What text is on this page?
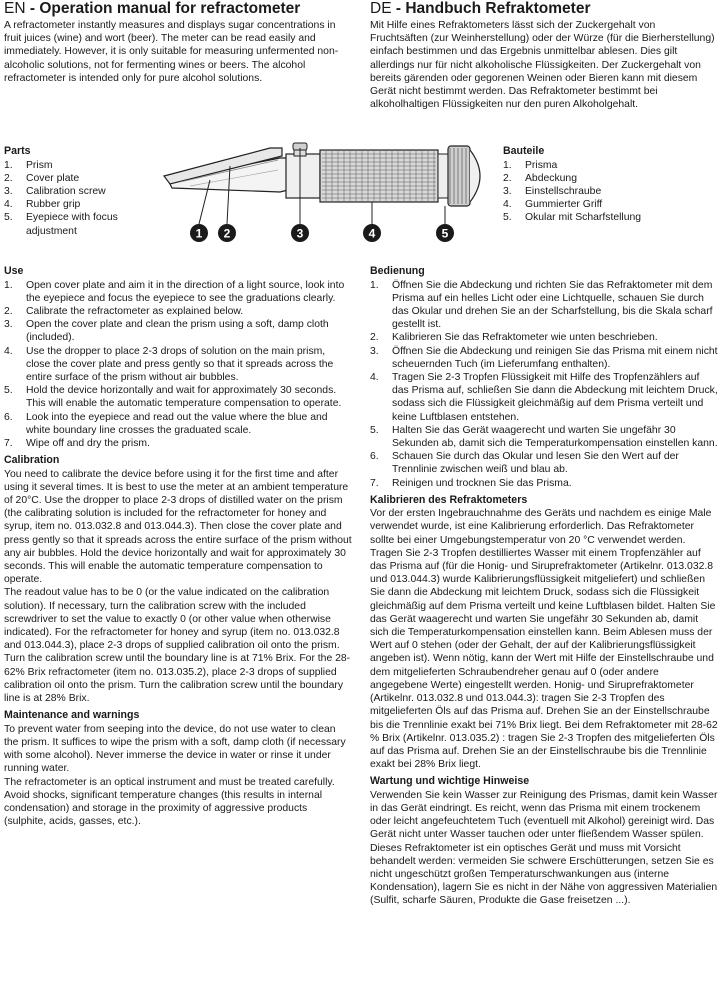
EN - Operation manual for refractometer

A refractometer instantly measures and displays sugar concentrations in fruit juices (wine) and wort (beer). The meter can be read easily and immediately. However, it is only suitable for measuring unfermented non-alcoholic solutions, not for fermenting wines or beers. The alcohol refractometer is intended only for pure alcohol solutions.

DE - Handbuch Refraktometer

Mit Hilfe eines Refraktometers lässt sich der Zuckergehalt von Fruchtsäften (zur Weinherstellung) oder der Würze (für die Bierherstellung) einfach bestimmen und das Ergebnis unmittelbar ablesen. Dies gilt allerdings nur für nicht alkoholische Flüssigkeiten. Der Zuckergehalt von bereits gärenden oder gegorenen Weinen oder Bieren kann mit diesem Gerät nicht bestimmt werden. Das Refraktometer bestimmt bei alkoholhaltigen Flüssigkeiten nur den puren Alkoholgehalt.

Parts
1. Prism
2. Cover plate
3. Calibration screw
4. Rubber grip
5. Eyepiece with focus adjustment	1 2	3	4	5
Bauteile
1. Prisma
2. Abdeckung
3. Einstellschraube
4. Gummierter Griff
5. Okular mit Scharfstellung
Use
1. Open cover plate and aim it in the direction of a light source, look into the eyepiece and focus the eyepiece to see the graduations clearly.
2. Calibrate the refractometer as explained below.
3. Open the cover plate and clean the prism using a soft, damp cloth (included).
4. Use the dropper to place 2-3 drops of solution on the main prism, close the cover plate and press gently so that it spreads across the entire surface of the prism without air bubbles.
5. Hold the device horizontally and wait for approximately 30 seconds. This will enable the automatic temperature compensation to operate.
6. Look into the eyepiece and read out the value where the blue and white boundary line crosses the graduated scale.
7. Wipe off and dry the prism.
Calibration

You need to calibrate the device before using it for the first time and after using it several times. It is best to use the meter at an ambient temperature of 20°C. Use the dropper to place 2-3 drops of distilled water on the prism (the calibrating solution is included for the refractometer for honey and syrup, item no. 013.032.8 and 013.044.3). Then close the cover plate and press gently so that it spreads across the entire surface of the prism without any air bubbles. Hold the device horizontally and wait for approximately 30 seconds. This will enable the automatic temperature compensation to operate.

The readout value has to be 0 (or the value indicated on the calibration solution). If necessary, turn the calibration screw with the included screwdriver to set the value to exactly 0 (or other value when otherwise indicated). For the refractometer for honey and syrup (item no. 013.032.8 and 013.044.3), place 2-3 drops of supplied calibration oil onto the prism. Turn the calibration screw until the boundary line is at 71% Brix. For the 28-62% Brix refractometer (item no. 013.035.2), place 2-3 drops of supplied calibration oil onto the prism. Turn the calibration screw until the boundary line is at 28% Brix.

Maintenance and warnings

To prevent water from seeping into the device, do not use water to clean the prism. It suffices to wipe the prism with a soft, damp cloth (if necessary with some alcohol). Never immerse the device in water or rinse it under running water.

The refractometer is an optical instrument and must be treated carefully. Avoid shocks, significant temperature changes (this results in internal condensation) and storage in the proximity of aggressive products (sulphite, acids, gasses, etc.).

Bedienung
1. Öffnen Sie die Abdeckung und richten Sie das Refraktometer mit dem Prisma auf ein helles Licht oder eine Lichtquelle, schauen Sie durch das Okular und drehen Sie an der Scharfstellung, bis die Skala scharf gestellt ist.
2. Kalibrieren Sie das Refraktometer wie unten beschrieben.
3. Öffnen Sie die Abdeckung und reinigen Sie das Prisma mit einem nicht scheuernden Tuch (im Lieferumfang enthalten).
4. Tragen Sie 2-3 Tropfen Flüssigkeit mit Hilfe des Tropfenzählers auf das Prisma auf, schließen Sie dann die Abdeckung mit leichtem Druck, sodass sich die Flüssigkeit gleichmäßig auf dem Prisma verteilt und keine Luftblasen entstehen.
5. Halten Sie das Gerät waagerecht und warten Sie ungefähr 30 Sekunden ab, damit sich die Temperaturkompensation einstellen kann.
6. Schauen Sie durch das Okular und lesen Sie den Wert auf der Trennlinie zwischen weiß und blau ab.
7. Reinigen und trocknen Sie das Prisma.
Kalibrieren des Refraktometers

Vor der ersten Ingebrauchnahme des Geräts und nachdem es einige Male verwendet wurde, ist eine Kalibrierung erforderlich. Das Refraktometer sollte bei einer Umgebungstemperatur von 20 °C verwendet werden. Tragen Sie 2-3 Tropfen destilliertes Wasser mit einem Tropfenzähler auf das Prisma auf (für die Honig- und Siruprefraktometer (Artikelnr. 013.032.8 und 013.044.3) wurde Kalibrierungsflüssigkeit mitgeliefert) und schließen Sie dann die Abdeckung mit leichtem Druck, sodass sich die Flüssigkeit gleichmäßig auf dem Prisma verteilt und keine Luftblasen bildet. Halten Sie das Gerät waagerecht und warten Sie ungefähr 30 Sekunden ab, damit sich die Temperaturkompensation einstellen kann. Beim Ablesen muss der Wert auf 0 stehen (oder der Gehalt, der auf der Kalibrierungsflüssigkeit angeben ist). Wenn nötig, kann der Wert mit Hilfe der Einstellschraube und dem mitgelieferten Schraubendreher genau auf 0 (oder andere angegebene Werte) eingestellt werden. Honig- und Siruprefraktometer (Artikelnr. 013.032.8 und 013.044.3): tragen Sie 2-3 Tropfen des mitgelieferten Öls auf das Prisma auf. Drehen Sie an der Einstellschraube bis die Trennlinie exakt bei 71% Brix liegt. Bei dem Refraktometer mit 28-62 % Brix (Artikelnr. 013.035.2) : tragen Sie 2-3 Tropfen des mitgelieferten Öls auf das Prisma auf. Drehen Sie an der Einstellschraube bis die Trennlinie exakt bei 28% Brix liegt.

Wartung und wichtige Hinweise

Verwenden Sie kein Wasser zur Reinigung des Prismas, damit kein Wasser in das Gerät eindringt. Es reicht, wenn das Prisma mit einem trockenem oder leicht angefeuchtetem Tuch (eventuell mit Alkohol) gereinigt wird. Das Gerät nicht unter Wasser tauchen oder unter fließendem Wasser spülen.

Dieses Refraktometer ist ein optisches Gerät und muss mit Vorsicht behandelt werden: vermeiden Sie schwere Erschütterungen, setzen Sie es nicht ungeschützt großen Temperaturschwankungen aus (interne Kondensation), lagern Sie es nicht in der Nähe von aggressiven Materialien (Sulfit, scharfe Säuren, Produkte die Gase freisetzen ...).
